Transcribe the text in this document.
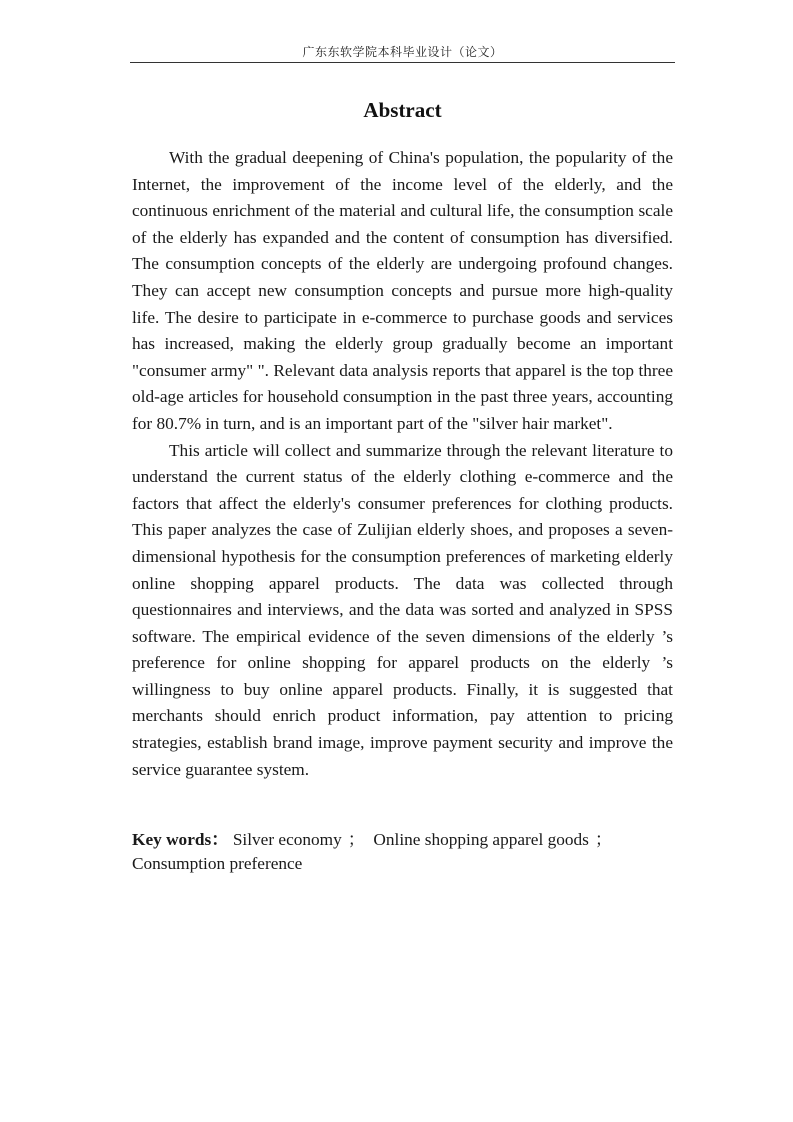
广东东软学院本科毕业设计（论文）
Abstract

With the gradual deepening of China's population, the popularity of the Internet, the improvement of the income level of the elderly, and the continuous enrichment of the material and cultural life, the consumption scale of the elderly has expanded and the content of consumption has diversified. The consumption concepts of the elderly are undergoing profound changes. They can accept new consumption concepts and pursue more high-quality life. The desire to participate in e-commerce to purchase goods and services has increased, making the elderly group gradually become an important "consumer army" ". Relevant data analysis reports that apparel is the top three old-age articles for household consumption in the past three years, accounting for 80.7% in turn, and is an important part of the "silver hair market".

This article will collect and summarize through the relevant literature to understand the current status of the elderly clothing e-commerce and the factors that affect the elderly's consumer preferences for clothing products. This paper analyzes the case of Zulijian elderly shoes, and proposes a seven-dimensional hypothesis for the consumption preferences of marketing elderly online shopping apparel products. The data was collected through questionnaires and interviews, and the data was sorted and analyzed in SPSS software. The empirical evidence of the seven dimensions of the elderly ’s preference for online shopping for apparel products on the elderly ’s willingness to buy online apparel products. Finally, it is suggested that merchants should enrich product information, pay attention to pricing strategies, establish brand image, improve payment security and improve the service guarantee system.

Key words： Silver economy ； Online shopping apparel goods ； Consumption preference
